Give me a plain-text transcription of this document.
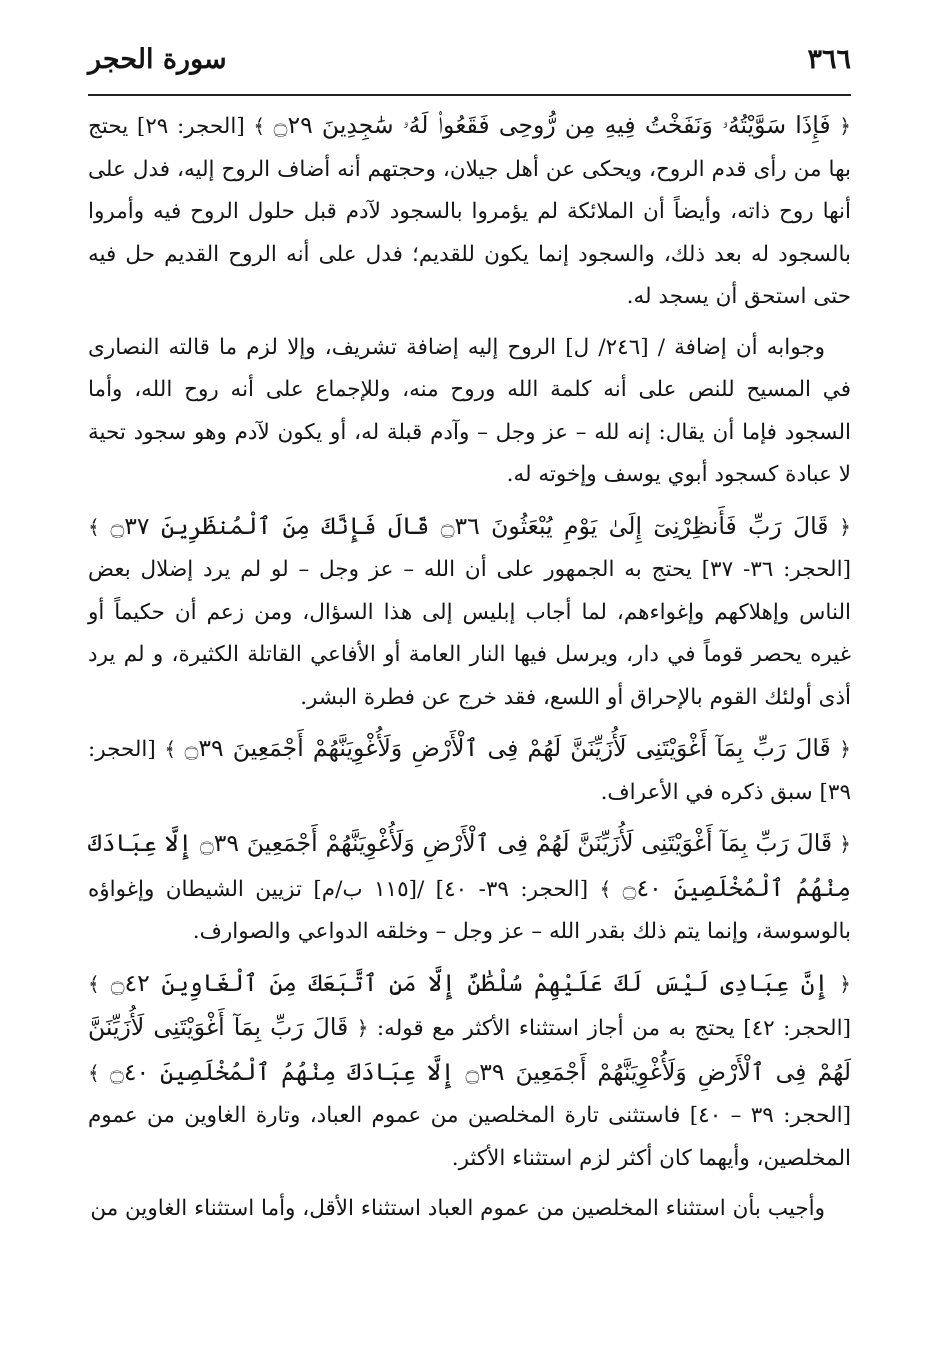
٣٦٦
سورة الحجر

﴿ فَإِذَا سَوَّيْتُهُۥ وَنَفَخْتُ فِيهِ مِن رُّوحِى فَقَعُوا۟ لَهُۥ سَٰجِدِينَ ۝٢٩ ﴾ [الحجر: ٢٩] يحتج بها من رأى قدم الروح، ويحكى عن أهل جيلان، وحجتهم أنه أضاف الروح إليه، فدل على أنها روح ذاته، وأيضاً أن الملائكة لم يؤمروا بالسجود لآدم قبل حلول الروح فيه وأمروا بالسجود له بعد ذلك، والسجود إنما يكون للقديم؛ فدل على أنه الروح القديم حل فيه حتى استحق أن يسجد له.

وجوابه أن إضافة / [٢٤٦/ ل] الروح إليه إضافة تشريف، وإلا لزم ما قالته النصارى في المسيح للنص على أنه كلمة الله وروح منه، وللإجماع على أنه روح الله، وأما السجود فإما أن يقال: إنه لله – عز وجل – وآدم قبلة له، أو يكون لآدم وهو سجود تحية لا عبادة كسجود أبوي يوسف وإخوته له.

﴿ قَالَ رَبِّ فَأَنظِرْنِىٓ إِلَىٰ يَوْمِ يُبْعَثُونَ ۝٣٦ قَالَ فَإِنَّكَ مِنَ ٱلْمُنظَرِينَ ۝٣٧ ﴾ [الحجر: ٣٦- ٣٧] يحتج به الجمهور على أن الله – عز وجل – لو لم يرد إضلال بعض الناس وإهلاكهم وإغواءهم، لما أجاب إبليس إلى هذا السؤال، ومن زعم أن حكيماً أو غيره يحصر قوماً في دار، ويرسل فيها النار العامة أو الأفاعي القاتلة الكثيرة، و لم يرد أذى أولئك القوم بالإحراق أو اللسع، فقد خرج عن فطرة البشر.

﴿ قَالَ رَبِّ بِمَآ أَغْوَيْتَنِى لَأُزَيِّنَنَّ لَهُمْ فِى ٱلْأَرْضِ وَلَأُغْوِيَنَّهُمْ أَجْمَعِينَ ۝٣٩ ﴾ [الحجر: ٣٩] سبق ذكره في الأعراف.

﴿ قَالَ رَبِّ بِمَآ أَغْوَيْتَنِى لَأُزَيِّنَنَّ لَهُمْ فِى ٱلْأَرْضِ وَلَأُغْوِيَنَّهُمْ أَجْمَعِينَ ۝٣٩ إِلَّا عِبَادَكَ مِنْهُمُ ٱلْمُخْلَصِينَ ۝٤٠ ﴾ [الحجر: ٣٩- ٤٠] /[١١٥ ب/م] تزيين الشيطان وإغواؤه بالوسوسة، وإنما يتم ذلك بقدر الله – عز وجل – وخلقه الدواعي والصوارف.

﴿ إِنَّ عِبَادِى لَيْسَ لَكَ عَلَيْهِمْ سُلْطَٰنٌ إِلَّا مَنِ ٱتَّبَعَكَ مِنَ ٱلْغَاوِينَ ۝٤٢ ﴾ [الحجر: ٤٢] يحتج به من أجاز استثناء الأكثر مع قوله: ﴿ قَالَ رَبِّ بِمَآ أَغْوَيْتَنِى لَأُزَيِّنَنَّ لَهُمْ فِى ٱلْأَرْضِ وَلَأُغْوِيَنَّهُمْ أَجْمَعِينَ ۝٣٩ إِلَّا عِبَادَكَ مِنْهُمُ ٱلْمُخْلَصِينَ ۝٤٠ ﴾ [الحجر: ٣٩ – ٤٠] فاستثنى تارة المخلصين من عموم العباد، وتارة الغاوين من عموم المخلصين، وأيهما كان أكثر لزم استثناء الأكثر.

وأجيب بأن استثناء المخلصين من عموم العباد استثناء الأقل، وأما استثناء الغاوين من
